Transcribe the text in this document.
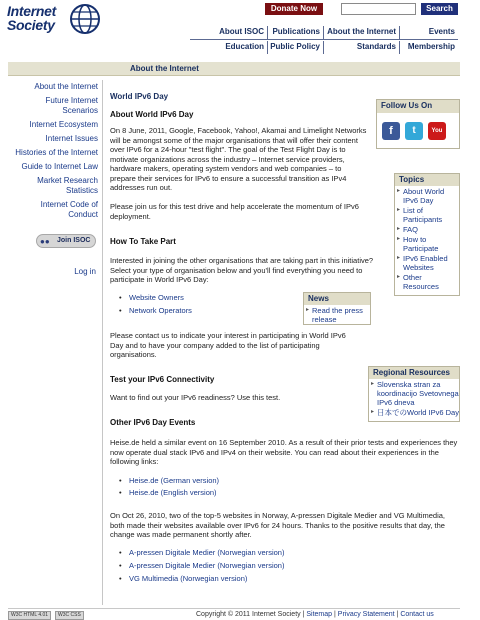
Internet
Society
Donate Now	Search
About ISOC	Publications About the Internet	Events
Education Public Policy	Standards	Membership
About the Internet
About the Internet
Future Internet Scenarios
Internet Ecosystem
Internet Issues
Histories of the Internet
Guide to Internet Law
Market Research Statistics
Internet Code of Conduct
●● Join ISOC
Log in
World IPv6 Day
About World IPv6 Day
On 8 June, 2011, Google, Facebook, Yahoo!, Akamai and Limelight Networks will be amongst some of the major organisations that will offer their content over IPv6 for a 24-hour "test flight". The goal of the Test Flight Day is to motivate organizations across the industry – Internet service providers, hardware makers, operating system vendors and web companies – to prepare their services for IPv6 to ensure a successful transition as IPv4 addresses run out.
Please join us for this test drive and help accelerate the momentum of IPv6 deployment.
How To Take Part
Interested in joining the other organisations that are taking part in this initiative? Select your type of organisation below and you'll find everything you need to participate in World IPv6 Day:
• Website Owners
• Network Operators
Please contact us to indicate your interest in participating in World IPv6 Day and to have your company added to the list of participating organisations.
Test your IPv6 Connectivity
Want to find out your IPv6 readiness? Use this test.
Other IPv6 Day Events
Heise.de held a similar event on 16 September 2010. As a result of their prior tests and experiences they now operate dual stack IPv6 and IPv4 on their website. You can read about their experiences in the following links:
• Heise.de (German version)
• Heise.de (English version)
On Oct 26, 2010, two of the top-5 websites in Norway, A-pressen Digitale Medier and VG Multimedia, both made their websites available over IPv6 for 24 hours. Thanks to the positive results that day, the change was made permanent shortly after.
• A-pressen Digitale Medier (Norwegian version)
• A-pressen Digitale Medier (Norwegian version)
• VG Multimedia (Norwegian version)
Follow Us On
f	t	You

Topics
▸ About World IPv6 Day
▸ List of Participants
▸ FAQ
▸ How to Participate
▸ IPv6 Enabled Websites
▸ Other Resources
News
▸ Read the press release
Regional Resources
▸ Slovenska stran za koordinacijo Svetovnega IPv6 dneva
▸ 日本でのWorld IPv6 Day
W3C HTML 4.01	W3C CSS	Copyright © 2011 Internet Society | Sitemap | Privacy Statement | Contact us
